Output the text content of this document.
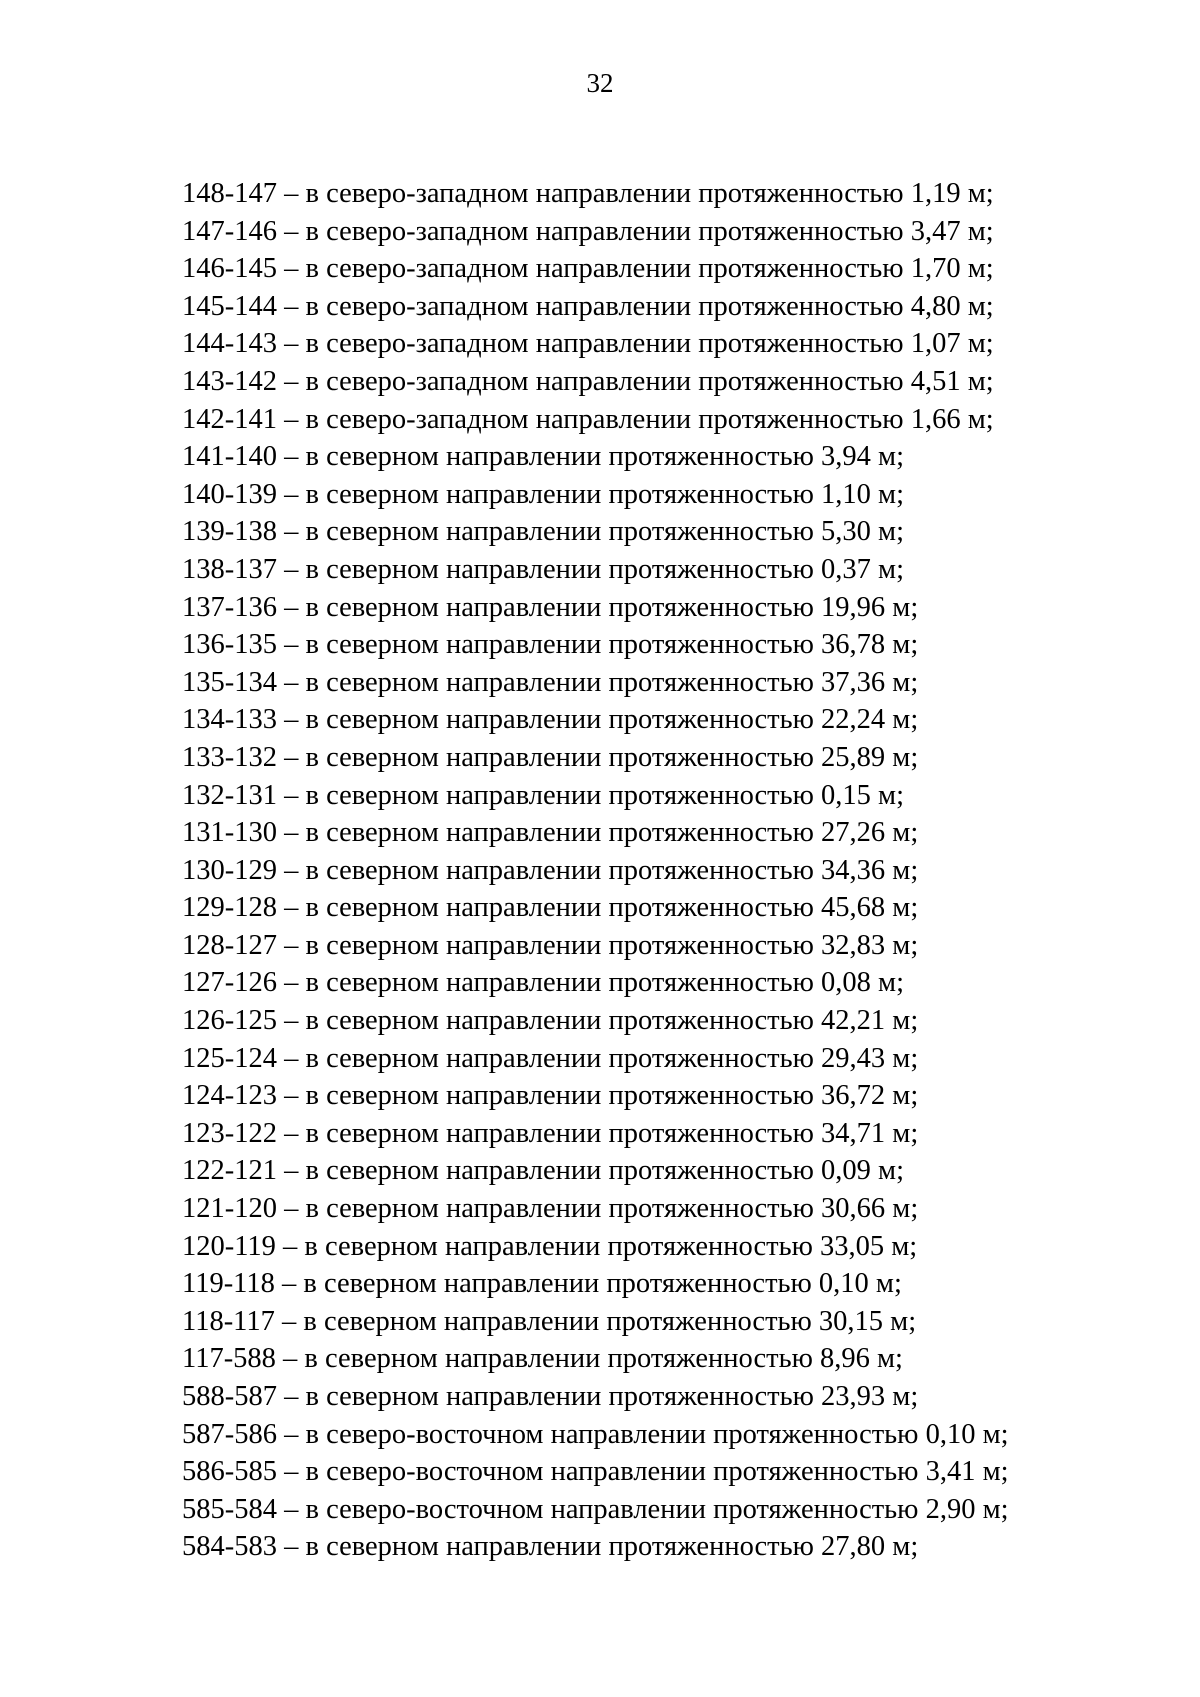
32
148-147 – в северо-западном направлении протяженностью 1,19 м;
147-146 – в северо-западном направлении протяженностью 3,47 м;
146-145 – в северо-западном направлении протяженностью 1,70 м;
145-144 – в северо-западном направлении протяженностью 4,80 м;
144-143 – в северо-западном направлении протяженностью 1,07 м;
143-142 – в северо-западном направлении протяженностью 4,51 м;
142-141 – в северо-западном направлении протяженностью 1,66 м;
141-140 – в северном направлении протяженностью 3,94 м;
140-139 – в северном направлении протяженностью 1,10 м;
139-138 – в северном направлении протяженностью 5,30 м;
138-137 – в северном направлении протяженностью 0,37 м;
137-136 – в северном направлении протяженностью 19,96 м;
136-135 – в северном направлении протяженностью 36,78 м;
135-134 – в северном направлении протяженностью 37,36 м;
134-133 – в северном направлении протяженностью 22,24 м;
133-132 – в северном направлении протяженностью 25,89 м;
132-131 – в северном направлении протяженностью 0,15 м;
131-130 – в северном направлении протяженностью 27,26 м;
130-129 – в северном направлении протяженностью 34,36 м;
129-128 – в северном направлении протяженностью 45,68 м;
128-127 – в северном направлении протяженностью 32,83 м;
127-126 – в северном направлении протяженностью 0,08 м;
126-125 – в северном направлении протяженностью 42,21 м;
125-124 – в северном направлении протяженностью 29,43 м;
124-123 – в северном направлении протяженностью 36,72 м;
123-122 – в северном направлении протяженностью 34,71 м;
122-121 – в северном направлении протяженностью 0,09 м;
121-120 – в северном направлении протяженностью 30,66 м;
120-119 – в северном направлении протяженностью 33,05 м;
119-118 – в северном направлении протяженностью 0,10 м;
118-117 – в северном направлении протяженностью 30,15 м;
117-588 – в северном направлении протяженностью 8,96 м;
588-587 – в северном направлении протяженностью 23,93 м;
587-586 – в северо-восточном направлении протяженностью 0,10 м;
586-585 – в северо-восточном направлении протяженностью 3,41 м;
585-584 – в северо-восточном направлении протяженностью 2,90 м;
584-583 – в северном направлении протяженностью 27,80 м;
